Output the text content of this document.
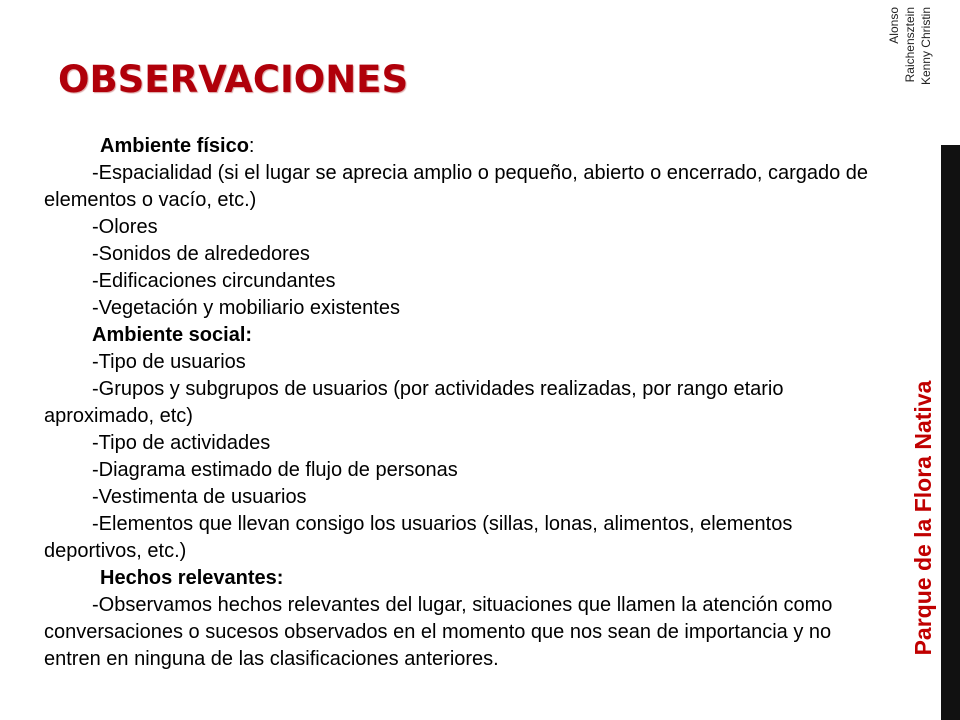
OBSERVACIONES
Alonso Raichensztein Kenny Christin

Ambiente físico:

-Espacialidad (si el lugar se aprecia amplio o pequeño, abierto o encerrado, cargado de elementos o vacío, etc.)

-Olores

-Sonidos de alrededores

-Edificaciones circundantes

-Vegetación y mobiliario existentes

Ambiente social:

-Tipo de usuarios

-Grupos y subgrupos de usuarios (por actividades realizadas, por rango etario aproximado, etc)

-Tipo de actividades

-Diagrama estimado de flujo de personas

-Vestimenta de usuarios

-Elementos que llevan consigo los usuarios (sillas, lonas, alimentos, elementos deportivos, etc.)

Hechos relevantes:

-Observamos hechos relevantes del lugar, situaciones que llamen la atención como conversaciones o sucesos observados en el momento que nos sean de importancia y no entren en ninguna de las clasificaciones anteriores.

Parque de la Flora Nativa
